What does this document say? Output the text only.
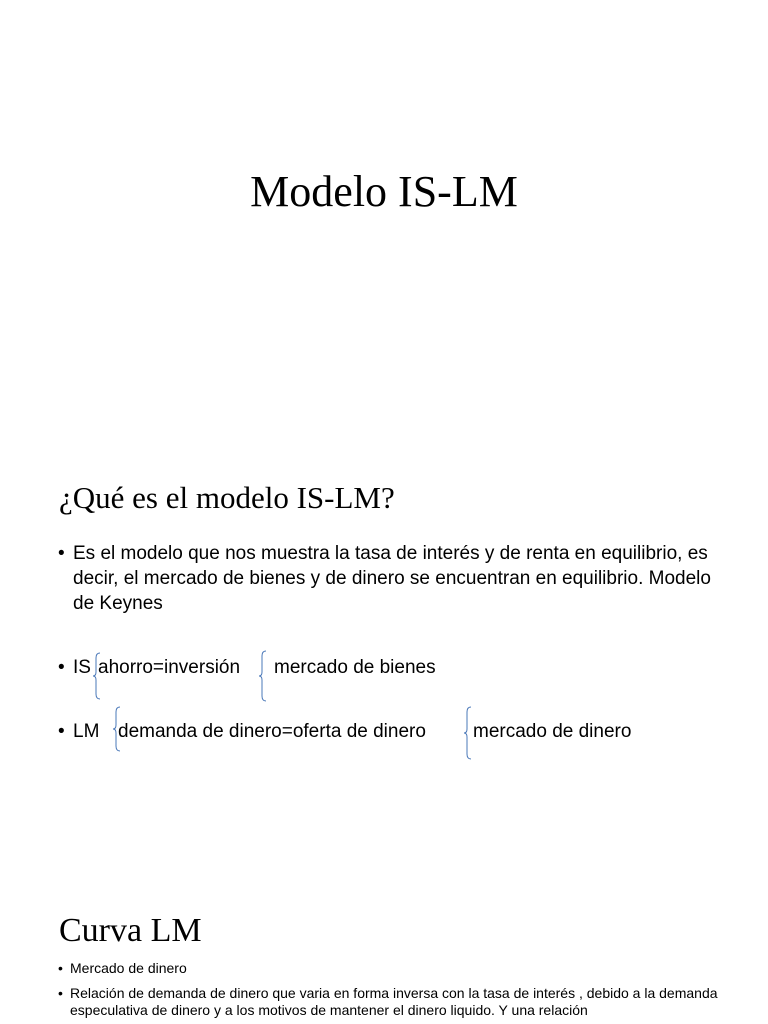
Modelo IS-LM
¿Qué es el modelo IS-LM?
• Es el modelo que nos muestra la tasa de interés y de renta en equilibrio, es decir, el mercado de bienes y de dinero se encuentran en equilibrio. Modelo de Keynes
• IS ahorro=inversión mercado de bienes
• LM demanda de dinero=oferta de dinero mercado de dinero
Curva LM
• Mercado de dinero
• Relación de demanda de dinero que varia en forma inversa con la tasa de interés , debido a la demanda especulativa de dinero y a los motivos de mantener el dinero liquido. Y una relación
